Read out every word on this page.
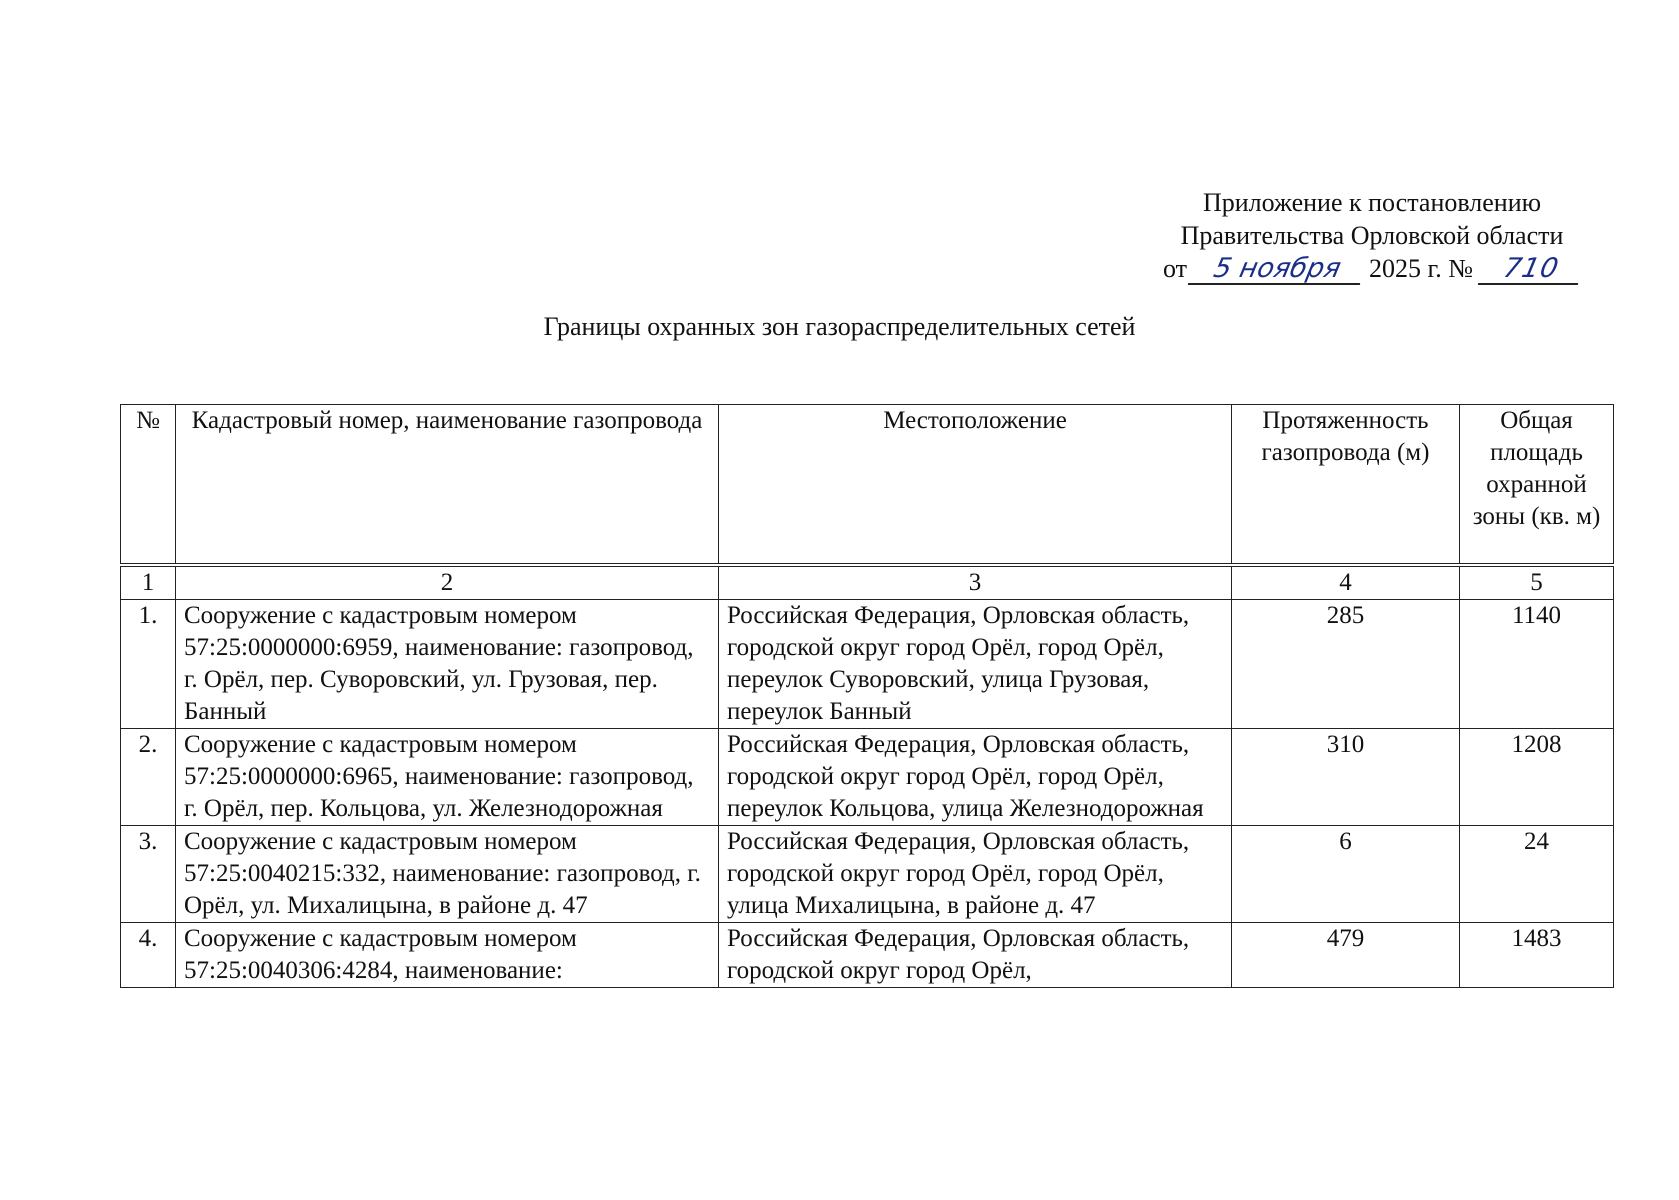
Приложение к постановлению
Правительства Орловской области
от 5 ноября 2025 г. № 710
Границы охранных зон газораспределительных сетей
№	Кадастровый номер, наименование газопровода	Местоположение	Протяженность газопровода (м)	Общая площадь охранной зоны (кв. м)
1	2	3	4	5
1.	Сооружение с кадастровым номером 57:25:0000000:6959, наименование: газопровод, г. Орёл, пер. Суворовский, ул. Грузовая, пер. Банный	Российская Федерация, Орловская область, городской округ город Орёл, город Орёл, переулок Суворовский, улица Грузовая, переулок Банный	285	1140
2.	Сооружение с кадастровым номером 57:25:0000000:6965, наименование: газопровод, г. Орёл, пер. Кольцова, ул. Железнодорожная	Российская Федерация, Орловская область, городской округ город Орёл, город Орёл, переулок Кольцова, улица Железнодорожная	310	1208
3.	Сооружение с кадастровым номером 57:25:0040215:332, наименование: газопровод, г. Орёл, ул. Михалицына, в районе д. 47	Российская Федерация, Орловская область, городской округ город Орёл, город Орёл, улица Михалицына, в районе д. 47	6	24
4.	Сооружение с кадастровым номером 57:25:0040306:4284, наименование:	Российская Федерация, Орловская область, городской округ город Орёл,	479	1483
